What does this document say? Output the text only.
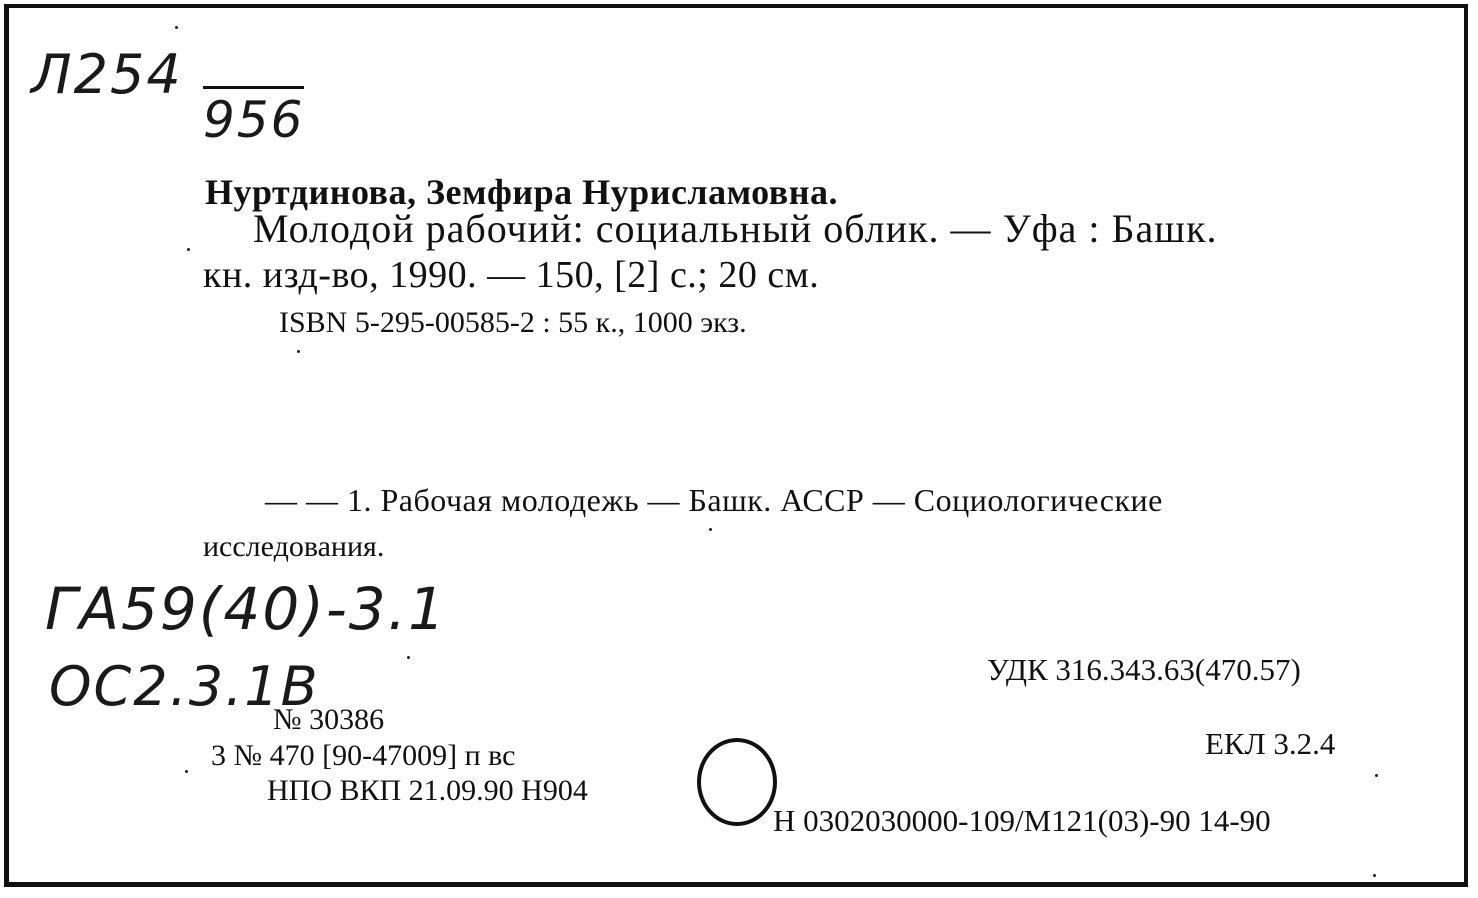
Л254
956
Нуртдинова, Земфира Нурисламовна.
Молодой рабочий: социальный облик. — Уфа : Башк.
кн. изд-во, 1990. — 150, [2] с.; 20 см.
ISBN 5-295-00585-2 : 55 к., 1000 экз.
— — 1. Рабочая молодежь — Башк. АССР — Социологические
исследования.
ГА59(40)-3.1
ОС2.3.1В	УДК 316.343.63(470.57)
№ 30386
ЕКЛ 3.2.4
3 № 470 [90-47009] п вс
НПО ВКП 21.09.90 Н904
Н 0302030000-109/М121(03)-90 14-90
